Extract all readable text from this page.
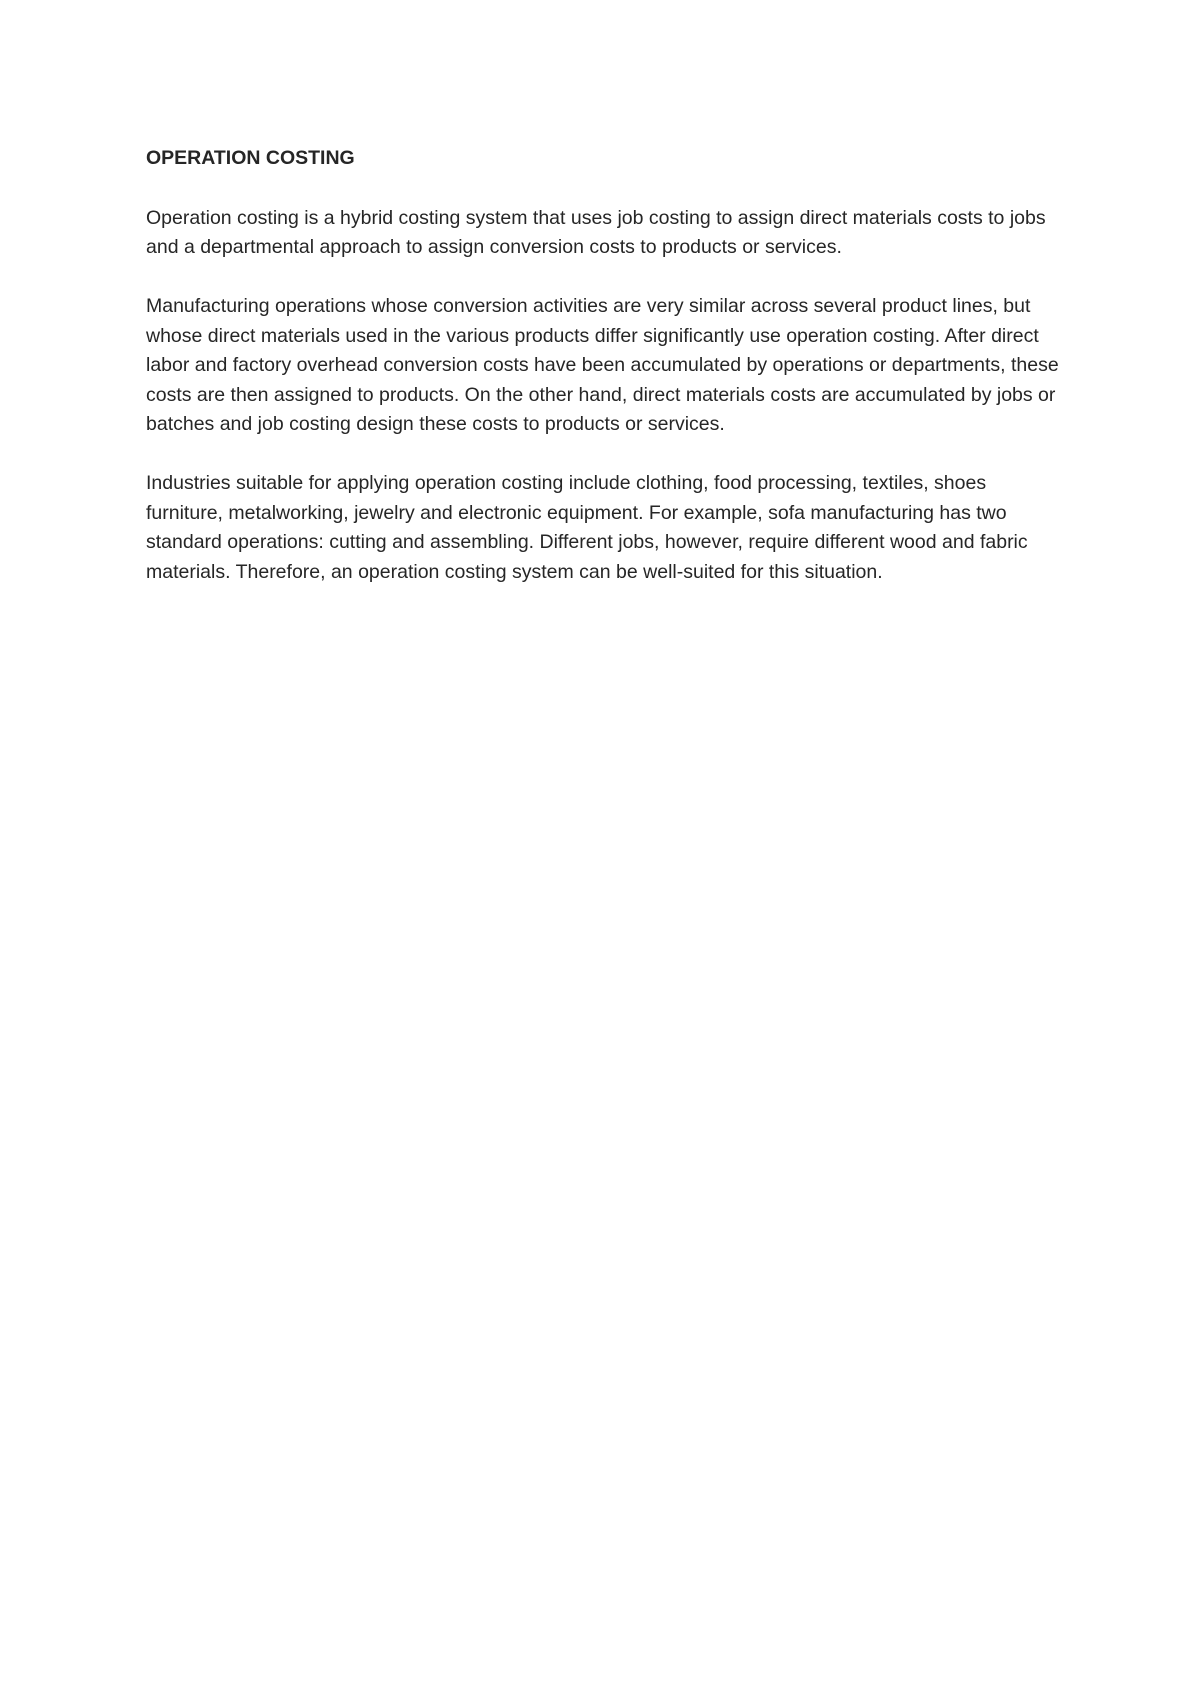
OPERATION COSTING

Operation costing is a hybrid costing system that uses job costing to assign direct materials costs to jobs and a departmental approach to assign conversion costs to products or services.

Manufacturing operations whose conversion activities are very similar across several product lines, but whose direct materials used in the various products differ significantly use operation costing. After direct labor and factory overhead conversion costs have been accumulated by operations or departments, these costs are then assigned to products. On the other hand, direct materials costs are accumulated by jobs or batches and job costing design these costs to products or services.

Industries suitable for applying operation costing include clothing, food processing, textiles, shoes furniture, metalworking, jewelry and electronic equipment. For example, sofa manufacturing has two standard operations: cutting and assembling. Different jobs, however, require different wood and fabric materials. Therefore, an operation costing system can be well-suited for this situation.
